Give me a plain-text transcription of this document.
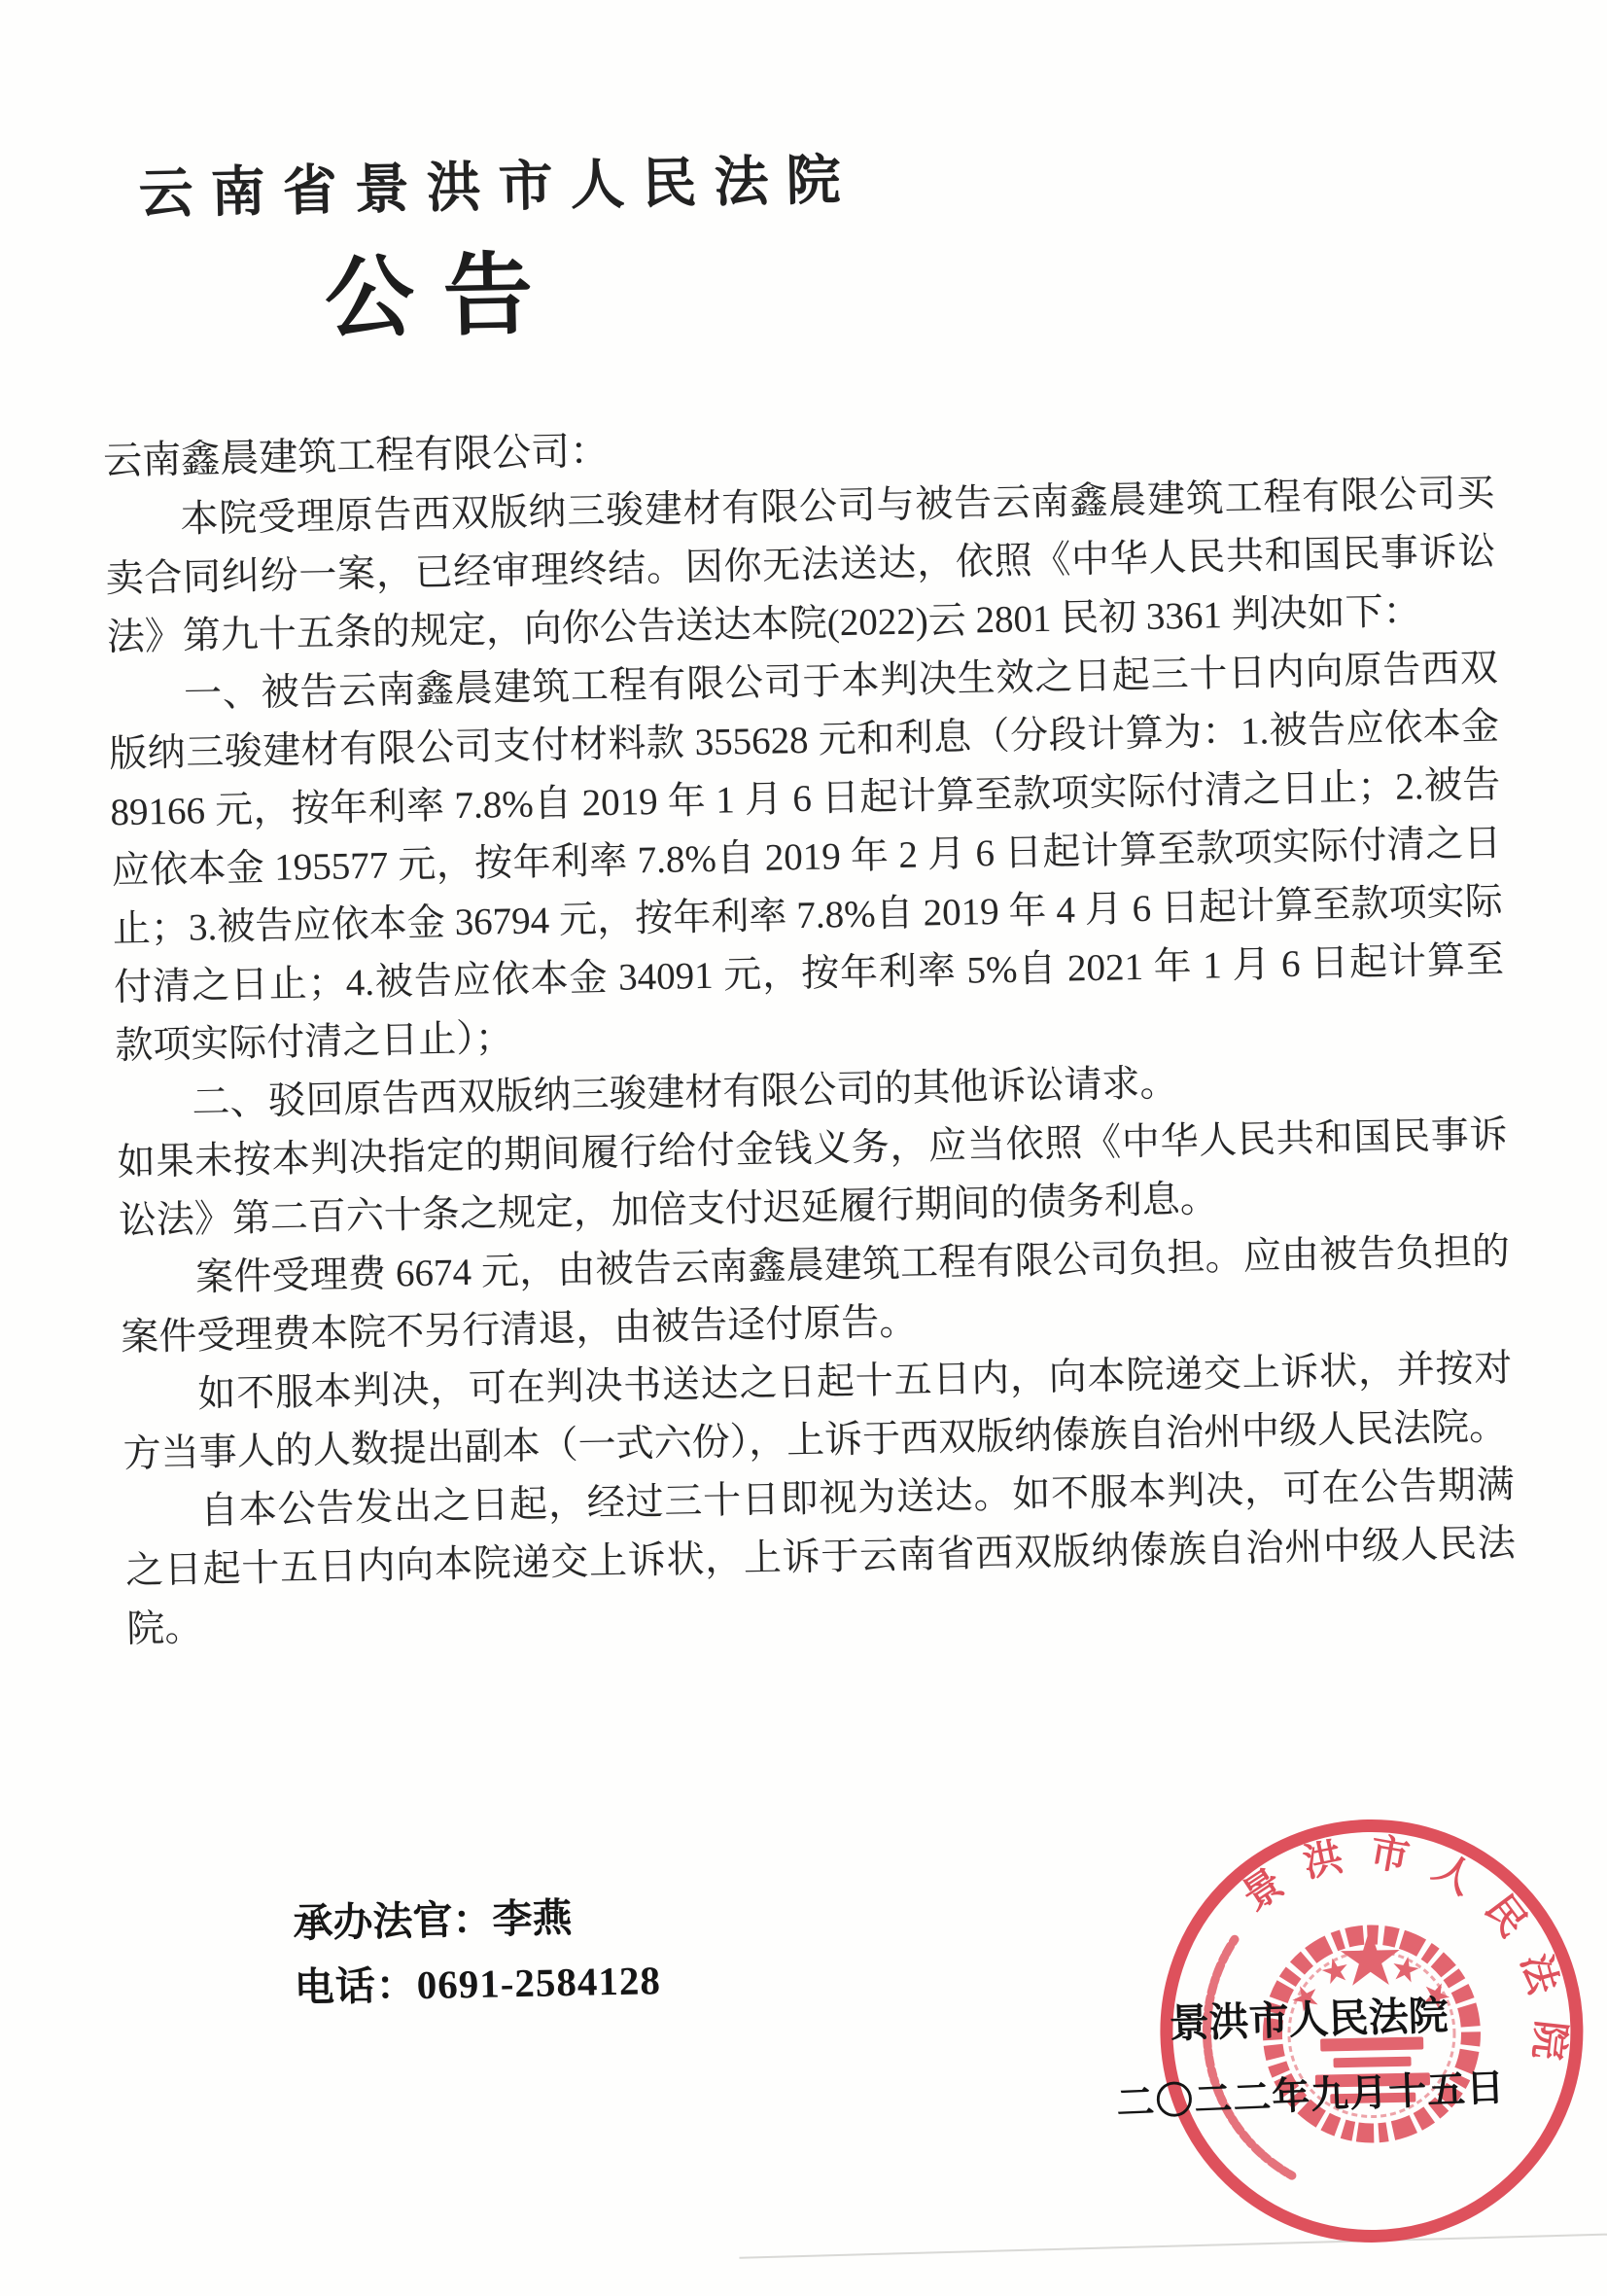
云南省景洪市人民法院
公告
云南鑫晨建筑工程有限公司：

本院受理原告西双版纳三骏建材有限公司与被告云南鑫晨建筑工程有限公司买卖合同纠纷一案，已经审理终结。因你无法送达，依照《中华人民共和国民事诉讼法》第九十五条的规定，向你公告送达本院(2022)云 2801 民初 3361 判决如下：

一、被告云南鑫晨建筑工程有限公司于本判决生效之日起三十日内向原告西双版纳三骏建材有限公司支付材料款 355628 元和利息（分段计算为：1.被告应依本金 89166 元，按年利率 7.8%自 2019 年 1 月 6 日起计算至款项实际付清之日止；2.被告应依本金 195577 元，按年利率 7.8%自 2019 年 2 月 6 日起计算至款项实际付清之日止；3.被告应依本金 36794 元，按年利率 7.8%自 2019 年 4 月 6 日起计算至款项实际付清之日止；4.被告应依本金 34091 元，按年利率 5%自 2021 年 1 月 6 日起计算至款项实际付清之日止）；

二、驳回原告西双版纳三骏建材有限公司的其他诉讼请求。

如果未按本判决指定的期间履行给付金钱义务，应当依照《中华人民共和国民事诉讼法》第二百六十条之规定，加倍支付迟延履行期间的债务利息。

案件受理费 6674 元，由被告云南鑫晨建筑工程有限公司负担。应由被告负担的案件受理费本院不另行清退，由被告迳付原告。

如不服本判决，可在判决书送达之日起十五日内，向本院递交上诉状，并按对方当事人的人数提出副本（一式六份），上诉于西双版纳傣族自治州中级人民法院。

自本公告发出之日起，经过三十日即视为送达。如不服本判决，可在公告期满之日起十五日内向本院递交上诉状，上诉于云南省西双版纳傣族自治州中级人民法院。

承办法官：李燕
电话：0691-2584128
景洪市人民法院
景洪市人民法院
二〇二二年九月十五日
